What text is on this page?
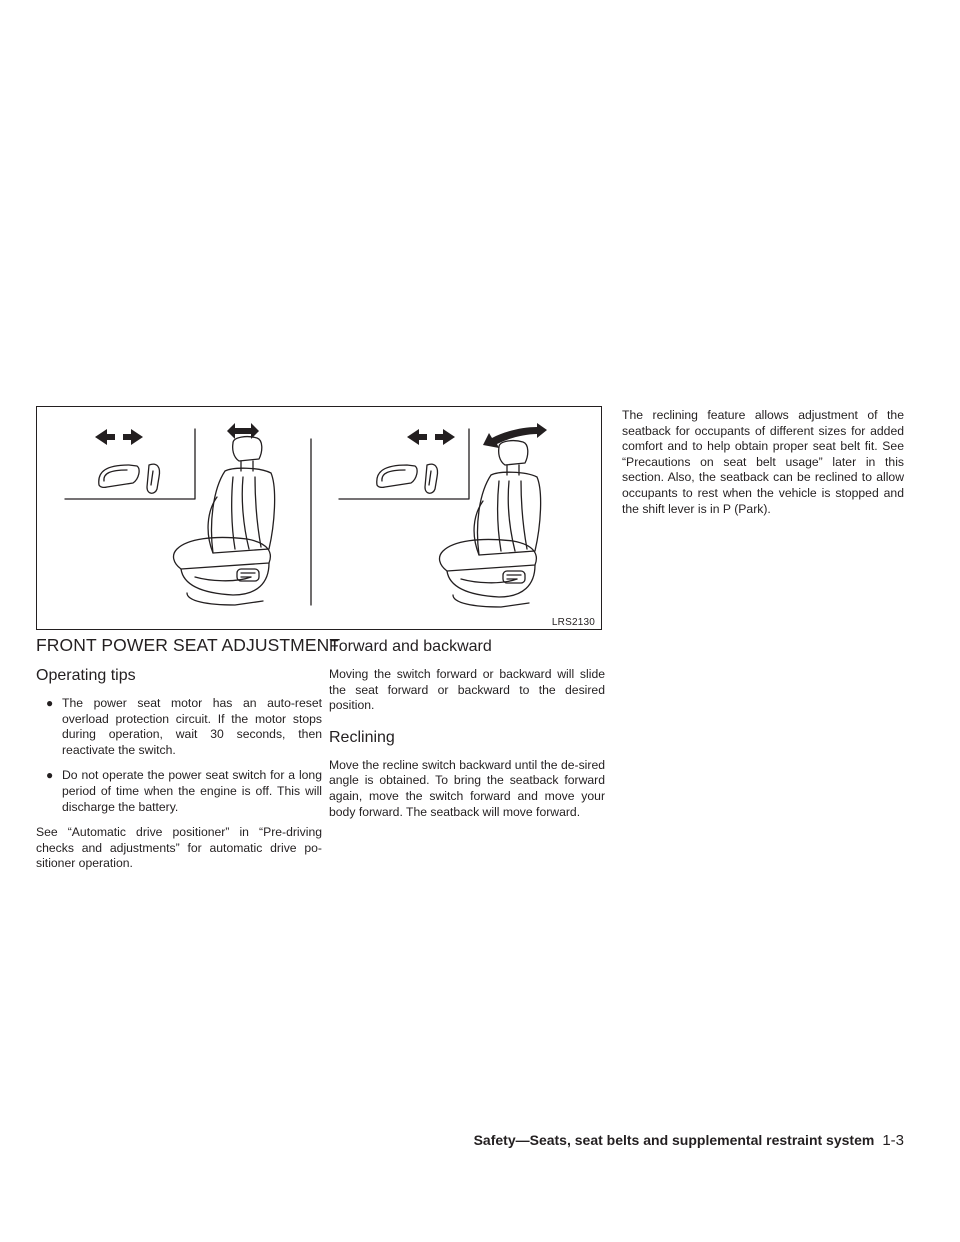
LRS2130
FRONT POWER SEAT ADJUSTMENT
Operating tips
● The power seat motor has an auto-reset overload protection circuit. If the motor stops during operation, wait 30 seconds, then reactivate the switch.
● Do not operate the power seat switch for a long period of time when the engine is off. This will discharge the battery.

See “Automatic drive positioner” in “Pre-driving checks and adjustments” for automatic drive po-sitioner operation.

Forward and backward

Moving the switch forward or backward will slide the seat forward or backward to the desired position.

Reclining

Move the recline switch backward until the de-sired angle is obtained. To bring the seatback forward again, move the switch forward and move your body forward. The seatback will move forward.

The reclining feature allows adjustment of the seatback for occupants of different sizes for added comfort and to help obtain proper seat belt fit. See “Precautions on seat belt usage” later in this section. Also, the seatback can be reclined to allow occupants to rest when the vehicle is stopped and the shift lever is in P (Park).

Safety—Seats, seat belts and supplemental restraint system 1-3
